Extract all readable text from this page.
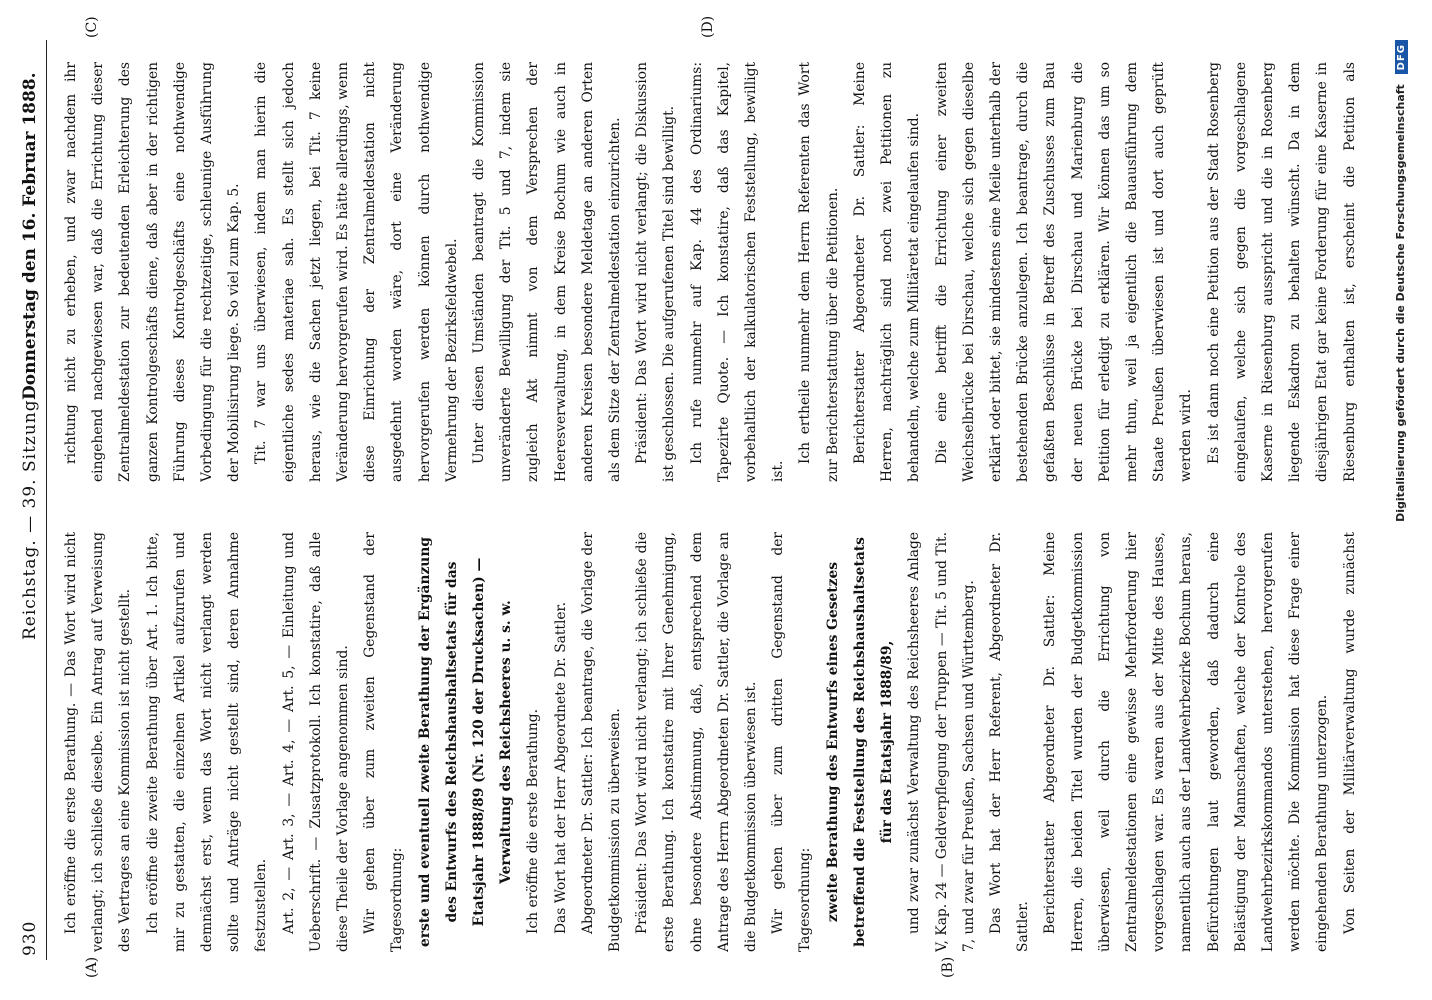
930
Reichstag. — 39. Sitzung.
Donnerstag den 16. Februar 1888.
(A)	(B)
(C)	(D)

Ich eröffne die erste Berathung. — Das Wort wird nicht verlangt; ich schließe dieselbe. Ein Antrag auf Verweisung des Vertrages an eine Kommission ist nicht gestellt. Ich eröffne die zweite Berathung über Art. 1. Ich bitte, mir zu gestatten, die einzelnen Artikel aufzurufen und demnächst erst, wenn das Wort nicht verlangt werden sollte und Anträge nicht gestellt sind, deren Annahme festzustellen. Art. 2, — Art. 3, — Art. 4, — Art. 5, — Einleitung und Ueberschrift. — Zusatzprotokoll. Ich konstatire, daß alle diese Theile der Vorlage angenommen sind. Wir gehen über zum zweiten Gegenstand der Tagesordnung: erste und eventuell zweite Berathung der Ergänzung des Entwurfs des Reichshaushaltsetats für das Etatsjahr 1888/89 (Nr. 120 der Drucksachen) — Verwaltung des Reichsheeres u. s. w. Ich eröffne die erste Berathung. Das Wort hat der Herr Abgeordnete Dr. Sattler. Abgeordneter Dr. Sattler: Ich beantrage, die Vorlage der Budgetkommission zu überweisen. Präsident: Das Wort wird nicht verlangt; ich schließe die erste Berathung. Ich konstatire mit Ihrer Genehmigung, ohne besondere Abstimmung, daß, entsprechend dem Antrage des Herrn Abgeordneten Dr. Sattler, die Vorlage an die Budgetkommission überwiesen ist. Wir gehen über zum dritten Gegenstand der Tagesordnung: zweite Berathung des Entwurfs eines Gesetzes betreffend die Feststellung des Reichshaushaltsetats für das Etatsjahr 1888/89, und zwar zunächst Verwaltung des Reichsheeres Anlage V, Kap. 24 — Geldverpflegung der Truppen — Tit. 5 und Tit. 7, und zwar für Preußen, Sachsen und Württemberg. Das Wort hat der Herr Referent, Abgeordneter Dr. Sattler. Berichterstatter Abgeordneter Dr. Sattler: Meine Herren, die beiden Titel wurden der Budgetkommission überwiesen, weil durch die Errichtung von Zentralmeldestationen eine gewisse Mehrforderung hier vorgeschlagen war. Es waren aus der Mitte des Hauses, namentlich auch aus der Landwehrbezirke Bochum heraus, Befürchtungen laut geworden, daß dadurch eine Belästigung der Mannschaften, welche der Kontrole des Landwehrbezirkskommandos unterstehen, hervorgerufen werden möchte. Die Kommission hat diese Frage einer eingehenden Berathung unterzogen. Von Seiten der Militärverwaltung wurde zunächst

richtung nicht zu erheben, und zwar nachdem ihr eingehend nachgewiesen war, daß die Errichtung dieser Zentralmeldestation zur bedeutenden Erleichterung des ganzen Kontrolgeschäfts diene, daß aber in der richtigen Führung dieses Kontrolgeschäfts eine nothwendige Vorbedingung für die rechtzeitige, schleunige Ausführung der Mobilisirung liege. So viel zum Kap. 5. Tit. 7 war uns überwiesen, indem man hierin die eigentliche sedes materiae sah. Es stellt sich jedoch heraus, wie die Sachen jetzt liegen, bei Tit. 7 keine Veränderung hervorgerufen wird. Es hätte allerdings, wenn diese Einrichtung der Zentralmeldestation nicht ausgedehnt worden wäre, dort eine Veränderung hervorgerufen werden können durch nothwendige Vermehrung der Bezirksfeldwebel. Unter diesen Umständen beantragt die Kommission unveränderte Bewilligung der Tit. 5 und 7, indem sie zugleich Akt nimmt von dem Versprechen der Heeresverwaltung, in dem Kreise Bochum wie auch in anderen Kreisen besondere Meldetage an anderen Orten als dem Sitze der Zentralmeldestation einzurichten. Präsident: Das Wort wird nicht verlangt; die Diskussion ist geschlossen. Die aufgerufenen Titel sind bewilligt. Ich rufe nunmehr auf Kap. 44 des Ordinariums: Tapezirte Quote. — Ich konstatire, daß das Kapitel, vorbehaltlich der kalkulatorischen Feststellung, bewilligt ist.

Ich ertheile nunmehr dem Herrn Referenten das Wort zur Berichterstattung über die Petitionen. Berichterstatter Abgeordneter Dr. Sattler: Meine Herren, nachträglich sind noch zwei Petitionen zu behandeln, welche zum Militäretat eingelaufen sind. Die eine betrifft die Errichtung einer zweiten Weichselbrücke bei Dirschau, welche sich gegen dieselbe erklärt oder bittet, sie mindestens eine Meile unterhalb der bestehenden Brücke anzulegen. Ich beantrage, durch die gefaßten Beschlüsse in Betreff des Zuschusses zum Bau der neuen Brücke bei Dirschau und Marienburg die Petition für erledigt zu erklären. Wir können das um so mehr thun, weil ja eigentlich die Bauausführung dem Staate Preußen überwiesen ist und dort auch geprüft werden wird. Es ist dann noch eine Petition aus der Stadt Rosenberg eingelaufen, welche sich gegen die vorgeschlagene Kaserne in Riesenburg ausspricht und die in Rosenberg liegende Eskadron zu behalten wünscht. Da in dem diesjährigen Etat gar keine Forderung für eine Kaserne in Riesenburg enthalten ist, erscheint die Petition als

Digitalisierung gefördert durch die Deutsche Forschungsgemeinschaft DFG
